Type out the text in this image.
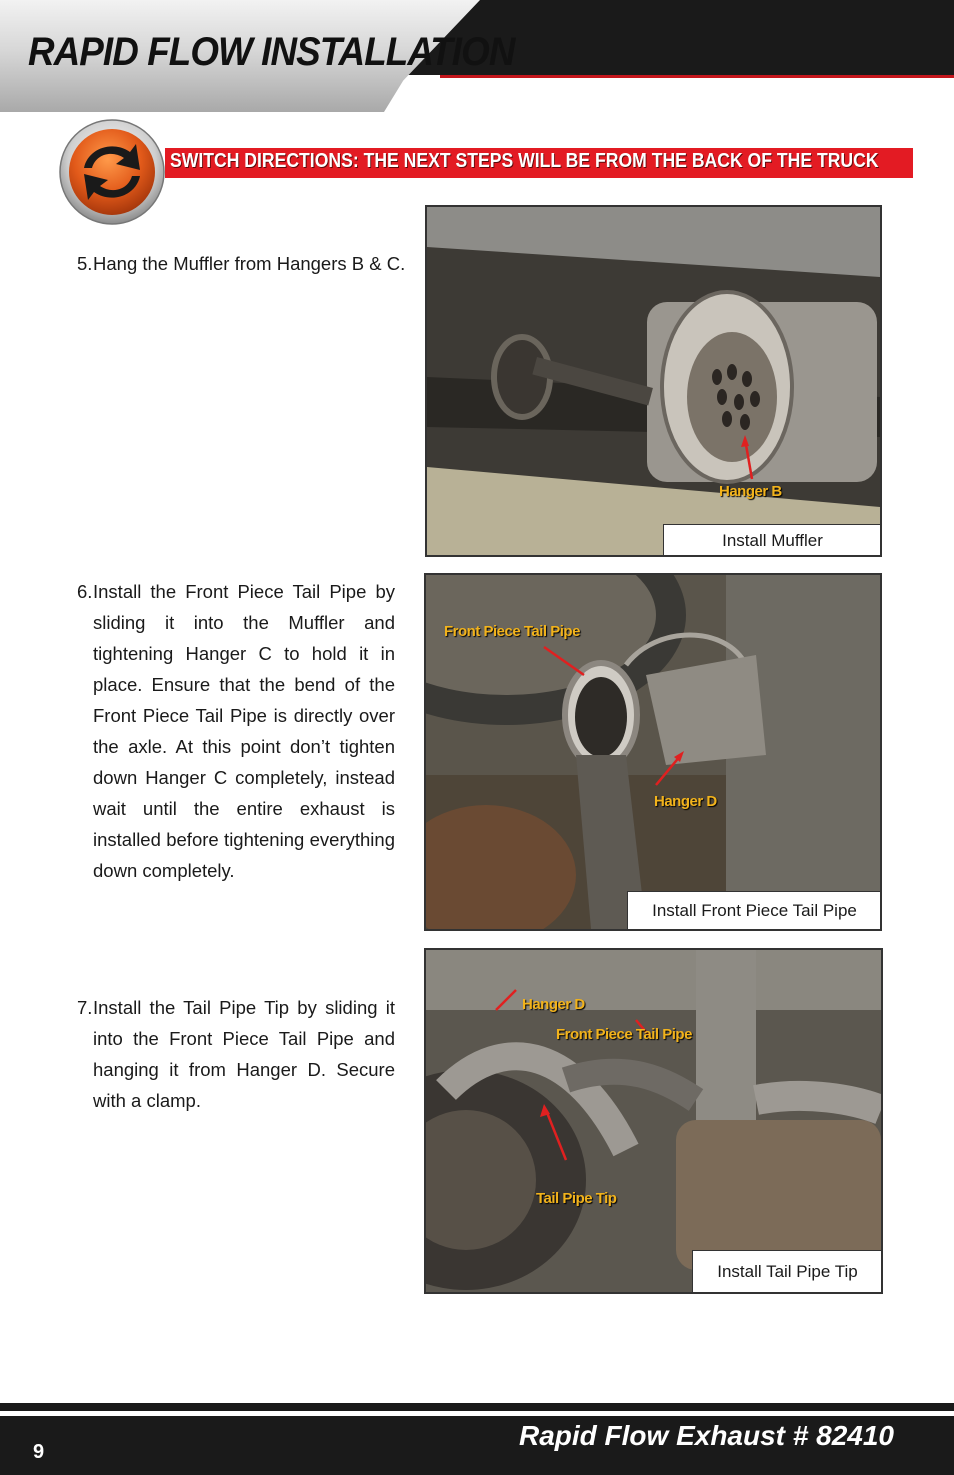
RAPID FLOW INSTALLATION
SWITCH DIRECTIONS: THE NEXT STEPS WILL BE FROM THE BACK OF THE TRUCK
5. Hang the Muffler from Hangers B & C.
6. Install the Front Piece Tail Pipe by sliding it into the Muffler and tightening Hanger C to hold it in place. Ensure that the bend of the Front Piece Tail Pipe is directly over the axle. At this point don’t tighten down Hanger C completely, instead wait until the entire exhaust is installed before tightening everything down completely.
7. Install the Tail Pipe Tip by sliding it into the Front Piece Tail Pipe and hanging it from Hanger D. Secure with a clamp.
Hanger B
Install Muffler
Front Piece Tail Pipe
Hanger D
Install Front Piece Tail Pipe
Hanger D
Front Piece Tail Pipe
Tail Pipe Tip
Install Tail Pipe Tip
9
Rapid Flow Exhaust # 82410
